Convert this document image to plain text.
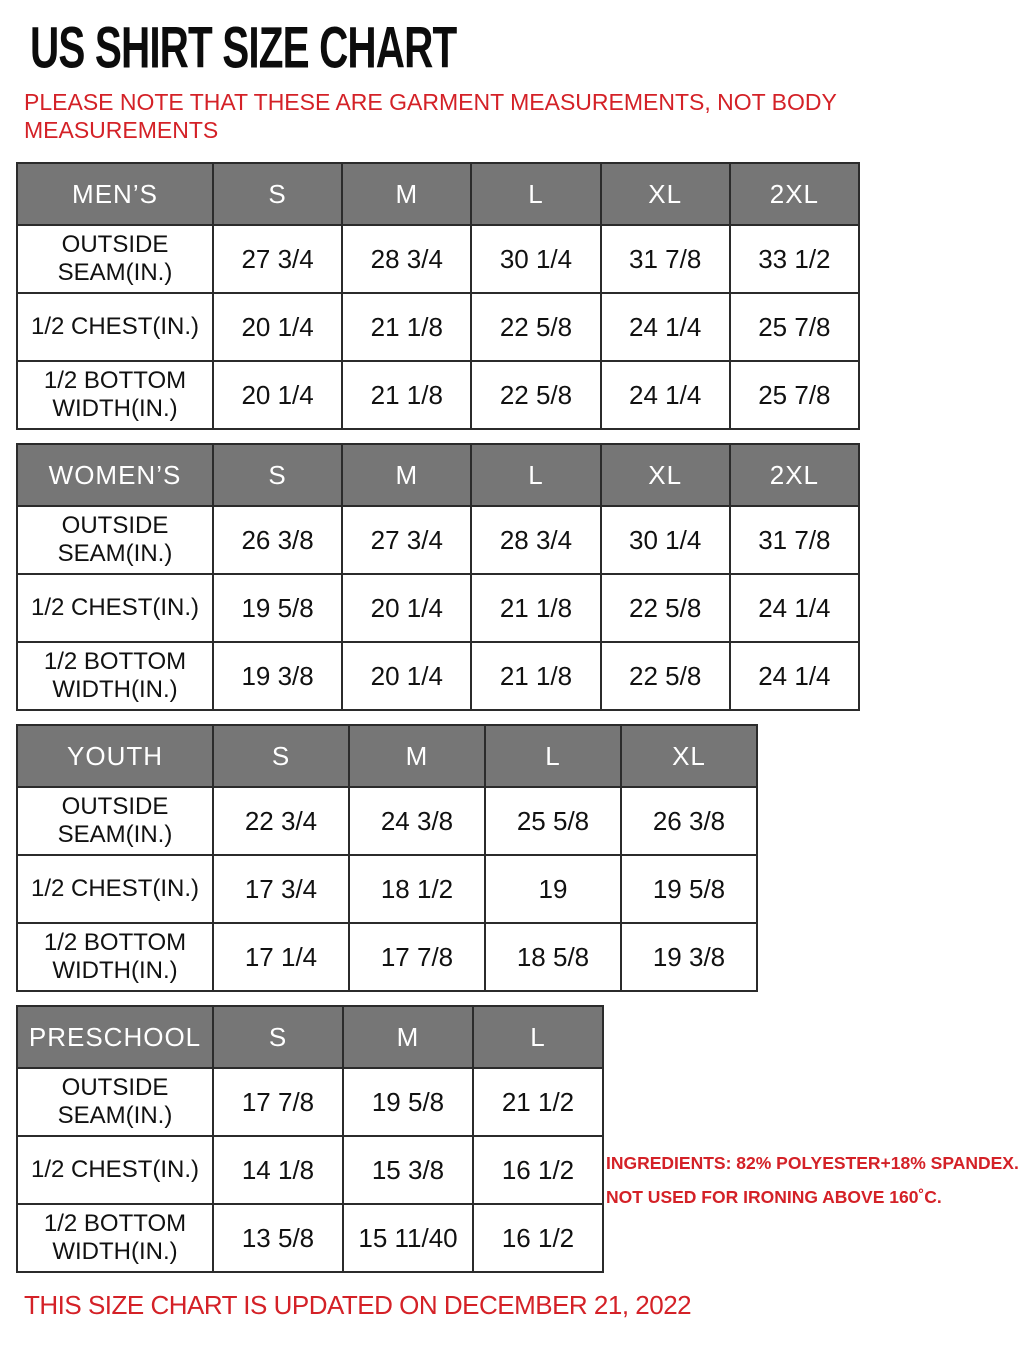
US SHIRT SIZE CHART
PLEASE NOTE THAT THESE ARE GARMENT MEASUREMENTS, NOT BODY MEASUREMENTS
MEN’S	S	M	L	XL	2XL
OUTSIDE SEAM(IN.)	27 3/4	28 3/4	30 1/4	31 7/8	33 1/2
1/2 CHEST(IN.)	20 1/4	21 1/8	22 5/8	24 1/4	25 7/8
1/2 BOTTOM WIDTH(IN.)	20 1/4	21 1/8	22 5/8	24 1/4	25 7/8
WOMEN’S	S	M	L	XL	2XL
OUTSIDE SEAM(IN.)	26 3/8	27 3/4	28 3/4	30 1/4	31 7/8
1/2 CHEST(IN.)	19 5/8	20 1/4	21 1/8	22 5/8	24 1/4
1/2 BOTTOM WIDTH(IN.)	19 3/8	20 1/4	21 1/8	22 5/8	24 1/4
YOUTH	S	M	L	XL
OUTSIDE SEAM(IN.)	22 3/4	24 3/8	25 5/8	26 3/8
1/2 CHEST(IN.)	17 3/4	18 1/2	19	19 5/8
1/2 BOTTOM WIDTH(IN.)	17 1/4	17 7/8	18 5/8	19 3/8
PRESCHOOL	S	M	L
OUTSIDE SEAM(IN.)	17 7/8	19 5/8	21 1/2
1/2 CHEST(IN.)	14 1/8	15 3/8	16 1/2
1/2 BOTTOM WIDTH(IN.)	13 5/8	15 11/40	16 1/2
INGREDIENTS: 82% POLYESTER+18% SPANDEX.
NOT USED FOR IRONING ABOVE 160˚C.
THIS SIZE CHART IS UPDATED ON DECEMBER 21, 2022
